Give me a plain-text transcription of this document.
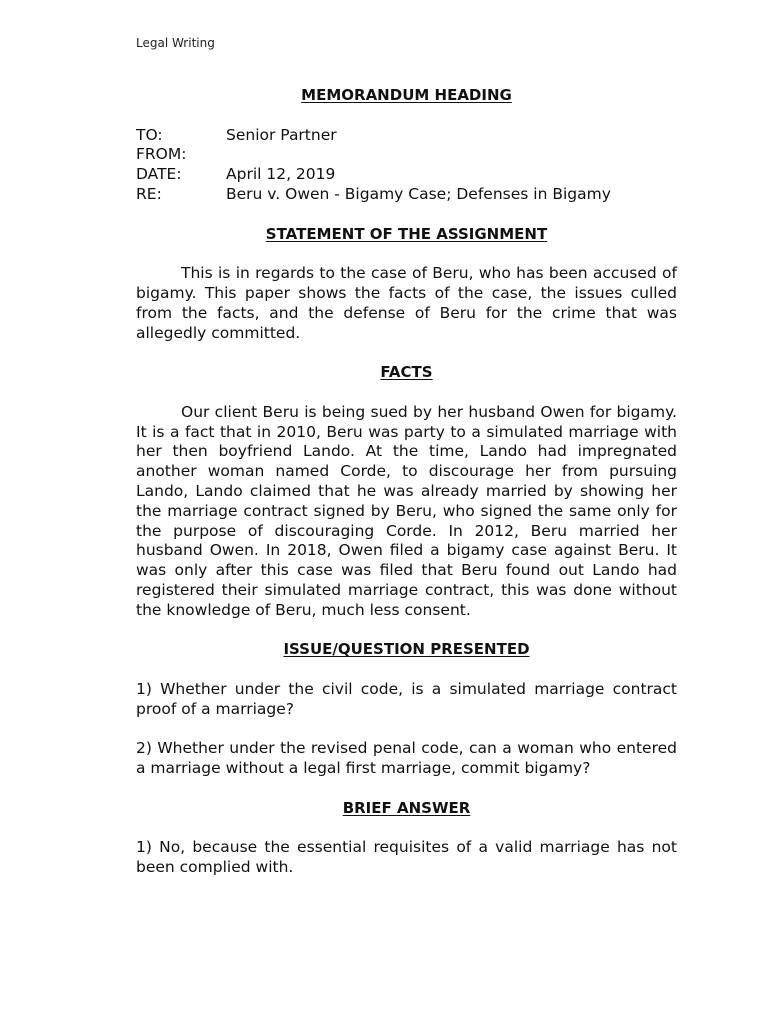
Legal Writing

MEMORANDUM HEADING

TO:	Senior Partner
FROM:
DATE:	April 12, 2019
RE:	Beru v. Owen - Bigamy Case; Defenses in Bigamy

STATEMENT OF THE ASSIGNMENT

This is in regards to the case of Beru, who has been accused of bigamy. This paper shows the facts of the case, the issues culled from the facts, and the defense of Beru for the crime that was allegedly committed.

FACTS

Our client Beru is being sued by her husband Owen for bigamy. It is a fact that in 2010, Beru was party to a simulated marriage with her then boyfriend Lando. At the time, Lando had impregnated another woman named Corde, to discourage her from pursuing Lando, Lando claimed that he was already married by showing her the marriage contract signed by Beru, who signed the same only for the purpose of discouraging Corde. In 2012, Beru married her husband Owen. In 2018, Owen filed a bigamy case against Beru. It was only after this case was filed that Beru found out Lando had registered their simulated marriage contract, this was done without the knowledge of Beru, much less consent.

ISSUE/QUESTION PRESENTED

1) Whether under the civil code, is a simulated marriage contract proof of a marriage?

2) Whether under the revised penal code, can a woman who entered a marriage without a legal first marriage, commit bigamy?

BRIEF ANSWER

1) No, because the essential requisites of a valid marriage has not been complied with.
